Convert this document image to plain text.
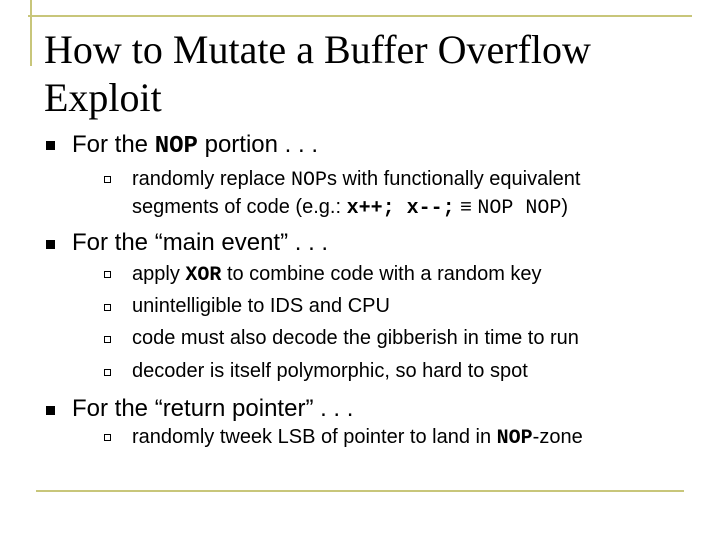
How to Mutate a Buffer Overflow
Exploit
For the NOP portion . . .
randomly replace NOPs with functionally equivalent
segments of code (e.g.: x++; x--; ≡ NOP NOP)
For the “main event” . . .
apply XOR to combine code with a random key
unintelligible to IDS and CPU
code must also decode the gibberish in time to run
decoder is itself polymorphic, so hard to spot
For the “return pointer” . . .
randomly tweek LSB of pointer to land in NOP-zone
